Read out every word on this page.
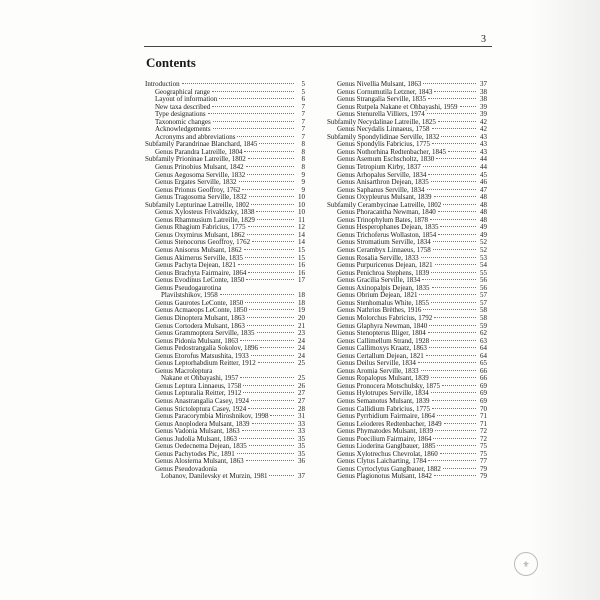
3
Contents
Introduction	5
Geographical range	5
Layout of information	6
New taxa described	7
Type designations	7
Taxonomic changes	7
Acknowledgements	7
Acronyms and abbreviations	7
Subfamily Parandrinae Blanchard, 1845	8
Genus Parandra Latreille, 1804	8
Subfamily Prioninae Latreille, 1802	8
Genus Prinobius Mulsant, 1842	8
Genus Aegosoma Serville, 1832	9
Genus Ergates Serville, 1832	9
Genus Prionus Geoffroy, 1762	9
Genus Tragosoma Serville, 1832	10
Subfamily Lepturinae Latreille, 1802	10
Genus Xylosteus Frivaldszky, 1838	10
Genus Rhamnusium Latreille, 1829	11
Genus Rhagium Fabricius, 1775	12
Genus Oxymirus Mulsant, 1862	14
Genus Stenocorus Geoffroy, 1762	14
Genus Anisorus Mulsant, 1862	15
Genus Akimerus Serville, 1835	15
Genus Pachyta Dejean, 1821	16
Genus Brachyta Fairmaire, 1864	16
Genus Evodinus LeConte, 1850	17
Genus Pseudogaurotina
Plavilstshikov, 1958	18
Genus Gaurotes LeConte, 1850	18
Genus Acmaeops LeConte, 1850	19
Genus Dinoptera Mulsant, 1863	20
Genus Cortodera Mulsant, 1863	21
Genus Grammoptera Serville, 1835	23
Genus Pidonia Mulsant, 1863	24
Genus Pedostrangalia Sokolov, 1896	24
Genus Etorofus Matsushita, 1933	24
Genus Leptorhabdium Reitter, 1912	25
Genus Macroleptura
Nakane et Ohbayashi, 1957	25
Genus Leptura Linnaeus, 1758	26
Genus Lepturalia Reitter, 1912	27
Genus Anastrangalia Casey, 1924	27
Genus Stictoleptura Casey, 1924	28
Genus Paracorymbia Miroshnikov, 1998	31
Genus Anoplodera Mulsant, 1839	33
Genus Vadonia Mulsant, 1863	33
Genus Judolia Mulsant, 1863	35
Genus Oedecnema Dejean, 1835	35
Genus Pachytodes Pic, 1891	35
Genus Alosterna Mulsant, 1863	36
Genus Pseudovadonia
Lobanov, Danilevsky et Murzin, 1981	37
Genus Nivellia Mulsant, 1863	37
Genus Cornumutila Letzner, 1843	38
Genus Strangalia Serville, 1835	38
Genus Rutpela Nakane et Ohbayashi, 1959	39
Genus Stenurella Villiers, 1974	39
Subfamily Necydalinae Latreille, 1825	42
Genus Necydalis Linnaeus, 1758	42
Subfamily Spondylidinae Serville, 1832	43
Genus Spondylis Fabricius, 1775	43
Genus Nothorhina Redtenbacher, 1845	43
Genus Asemum Eschscholtz, 1830	44
Genus Tetropium Kirby, 1837	44
Genus Arhopalus Serville, 1834	45
Genus Anisarthron Dejean, 1835	46
Genus Saphanus Serville, 1834	47
Genus Oxypleurus Mulsant, 1839	48
Subfamily Cerambycinae Latreille, 1802	48
Genus Phoracantha Newman, 1840	48
Genus Trinophylum Bates, 1878	48
Genus Hesperophanes Dejean, 1835	49
Genus Trichoferus Wollaston, 1854	49
Genus Stromatium Serville, 1834	52
Genus Cerambyx Linnaeus, 1758	52
Genus Rosalia Serville, 1833	53
Genus Purpuricenus Dejean, 1821	54
Genus Penichroa Stephens, 1839	55
Genus Gracilia Serville, 1834	56
Genus Axinopalpis Dejean, 1835	56
Genus Obrium Dejean, 1821	57
Genus Stenhomalus White, 1855	57
Genus Nathrius Brèthes, 1916	58
Genus Molorchus Fabricius, 1792	58
Genus Glaphyra Newman, 1840	59
Genus Stenopterus Illiger, 1804	62
Genus Callimellum Strand, 1928	63
Genus Callimoxys Kraatz, 1863	64
Genus Certallum Dejean, 1821	64
Genus Deilus Serville, 1834	65
Genus Aromia Serville, 1833	66
Genus Ropalopus Mulsant, 1839	66
Genus Pronocera Motschulsky, 1875	69
Genus Hylotrupes Serville, 1834	69
Genus Semanotus Mulsant, 1839	69
Genus Callidium Fabricius, 1775	70
Genus Pyrrhidium Fairmaire, 1864	71
Genus Leioderes Redtenbacher, 1849	71
Genus Phymatodes Mulsant, 1839	72
Genus Poecilium Fairmaire, 1864	72
Genus Lioderina Ganglbauer, 1885	75
Genus Xylotrechus Chevrolat, 1860	75
Genus Clytus Laicharting, 1784	77
Genus Cyrtoclytus Ganglbauer, 1882	79
Genus Plagionotus Mulsant, 1842	79
⚜
